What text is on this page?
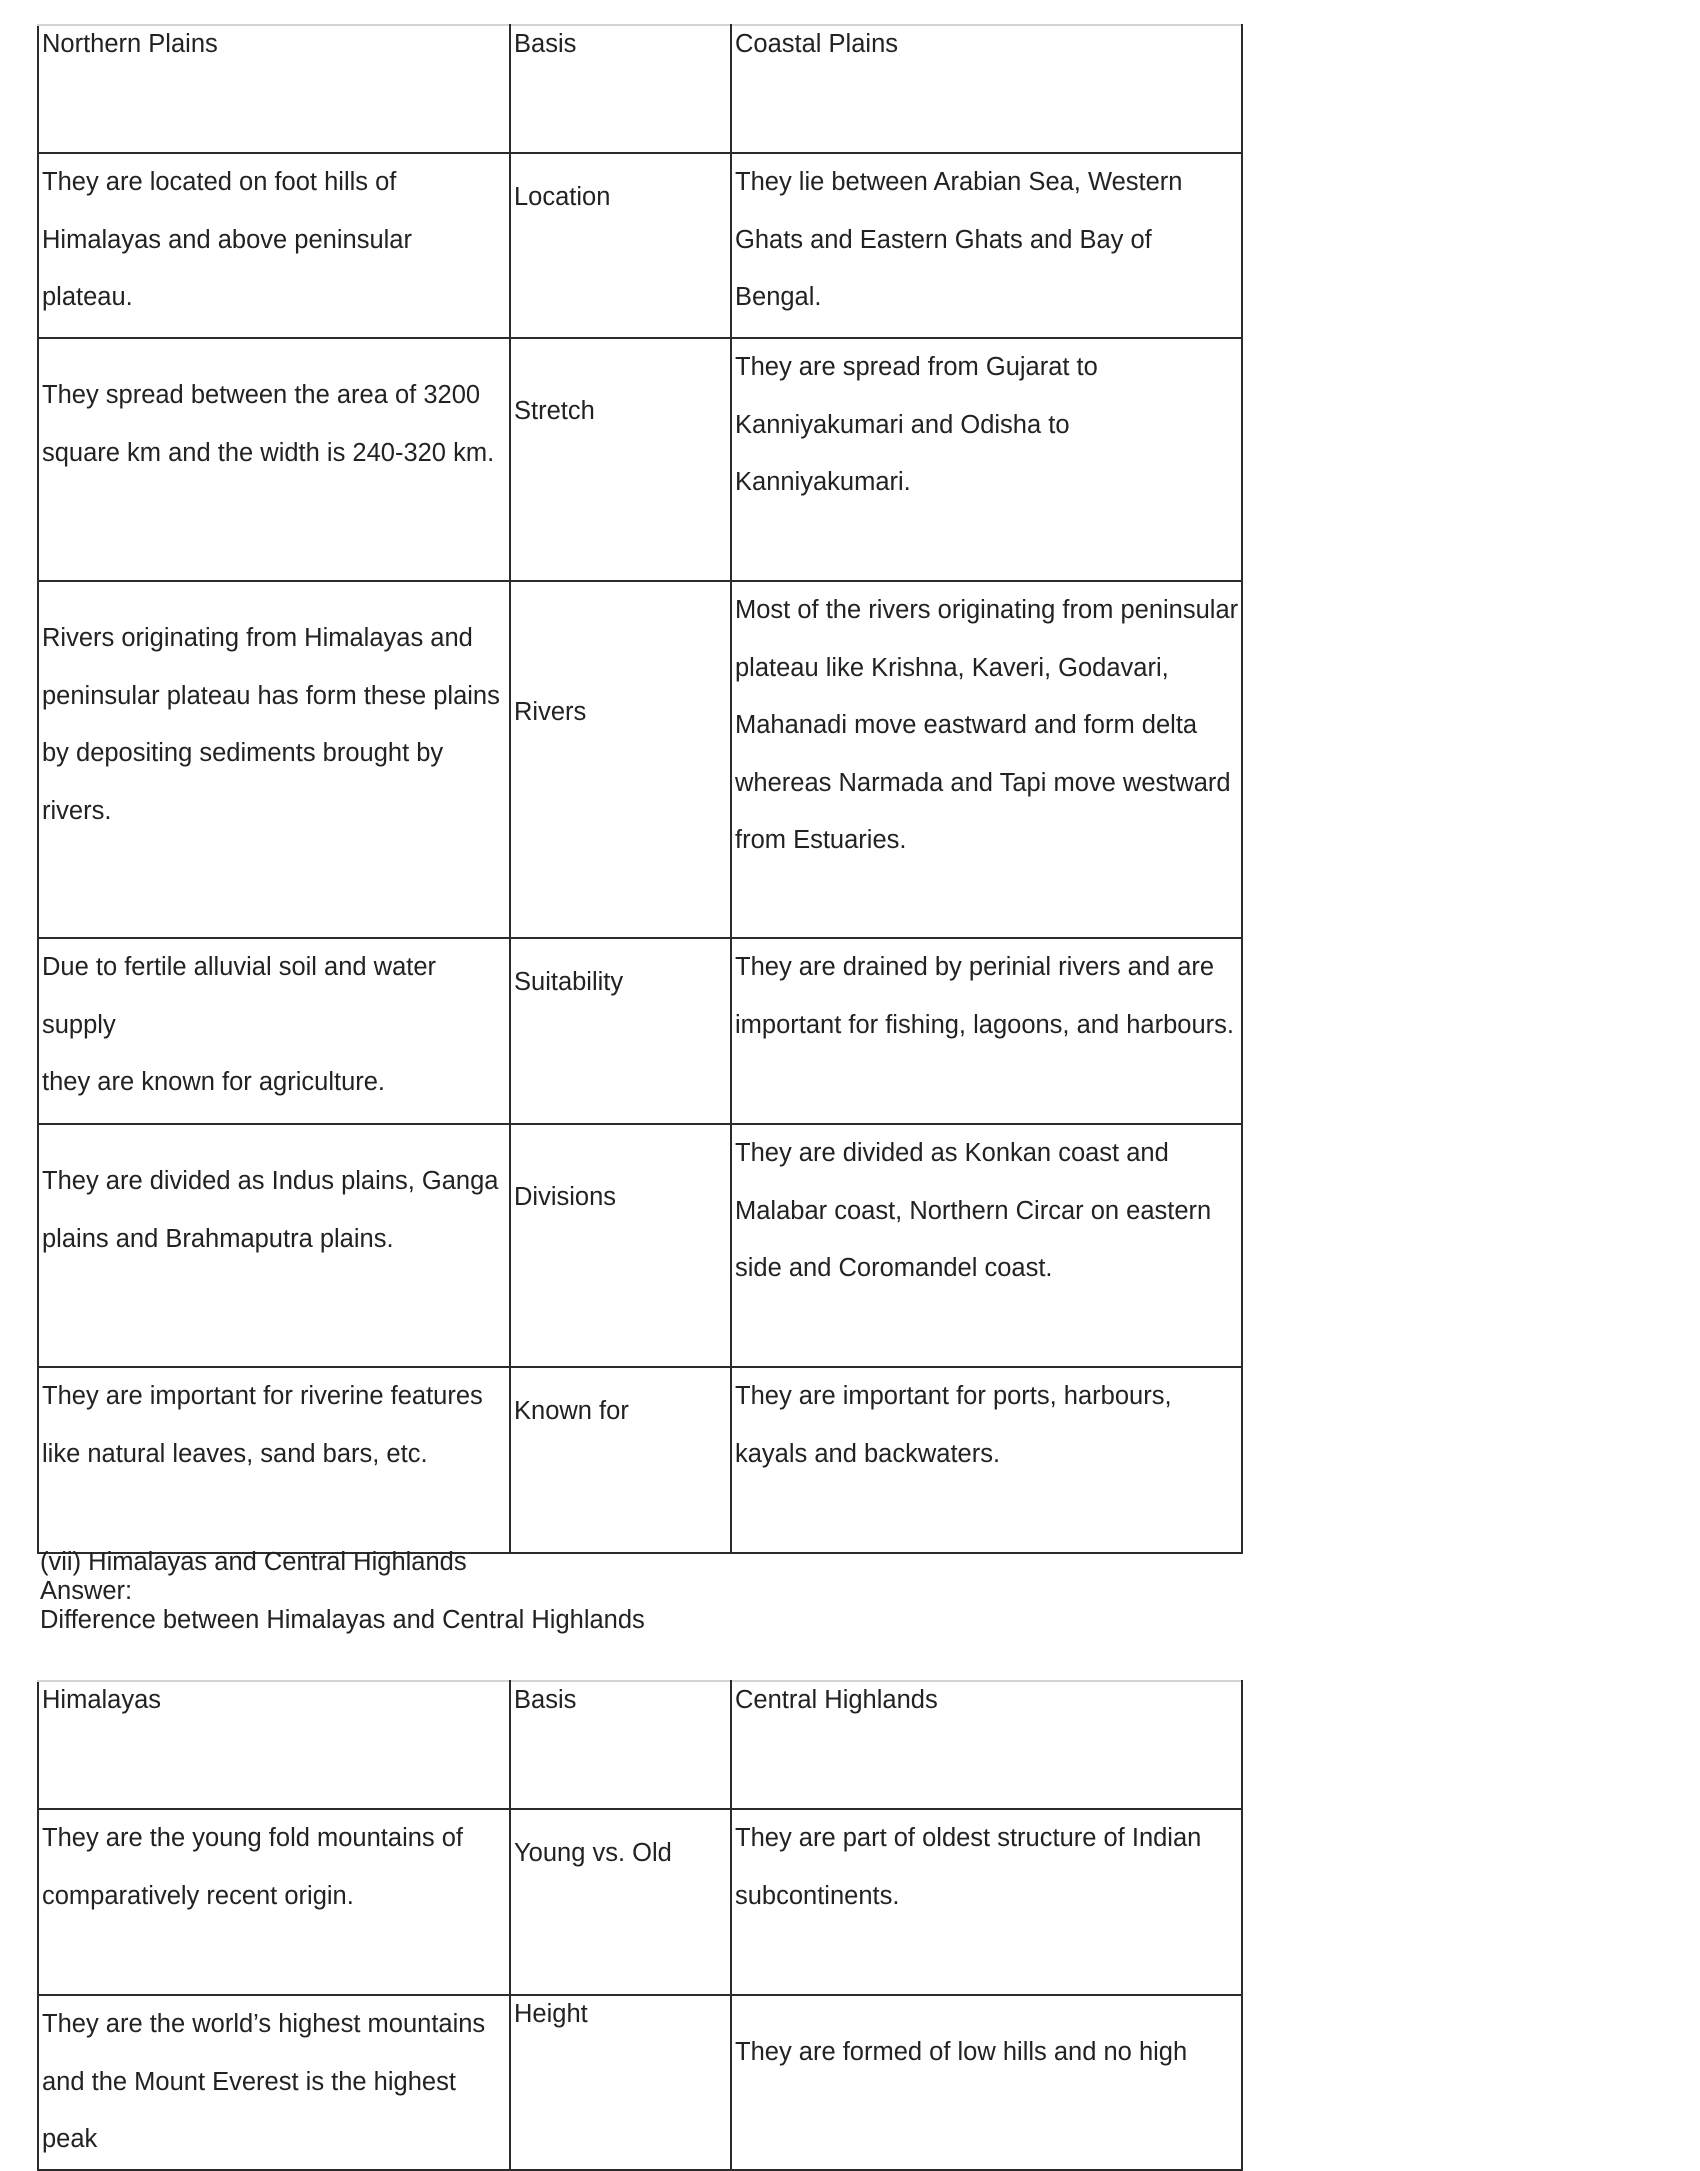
Northern Plains	Basis	Coastal Plains

They are located on foot hills of
Himalayas and above peninsular plateau.	Location	They lie between Arabian Sea, Western
Ghats and Eastern Ghats and Bay of Bengal.

They spread between the area of 3200
square km and the width is 240-320 km.	Stretch	They are spread from Gujarat to
Kanniyakumari and Odisha to
Kanniyakumari.

Rivers originating from Himalayas and
peninsular plateau has form these plains
by depositing sediments brought by
rivers.	Rivers	Most of the rivers originating from peninsular
plateau like Krishna, Kaveri, Godavari,
Mahanadi move eastward and form delta
whereas Narmada and Tapi move westward
from Estuaries.

Due to fertile alluvial soil and water supply
they are known for agriculture.	Suitability	They are drained by perinial rivers and are
important for fishing, lagoons, and harbours.

They are divided as Indus plains, Ganga
plains and Brahmaputra plains.	Divisions	They are divided as Konkan coast and
Malabar coast, Northern Circar on eastern
side and Coromandel coast.

They are important for riverine features
like natural leaves, sand bars, etc.	Known for	They are important for ports, harbours,
kayals and backwaters.
(vii) Himalayas and Central Highlands
Answer:
Difference between Himalayas and Central Highlands
Himalayas	Basis	Central Highlands

They are the young fold mountains of
comparatively recent origin.	Young vs. Old	They are part of oldest structure of Indian
subcontinents.

They are the world’s highest mountains
and the Mount Everest is the highest peak	Height	They are formed of low hills and no high
